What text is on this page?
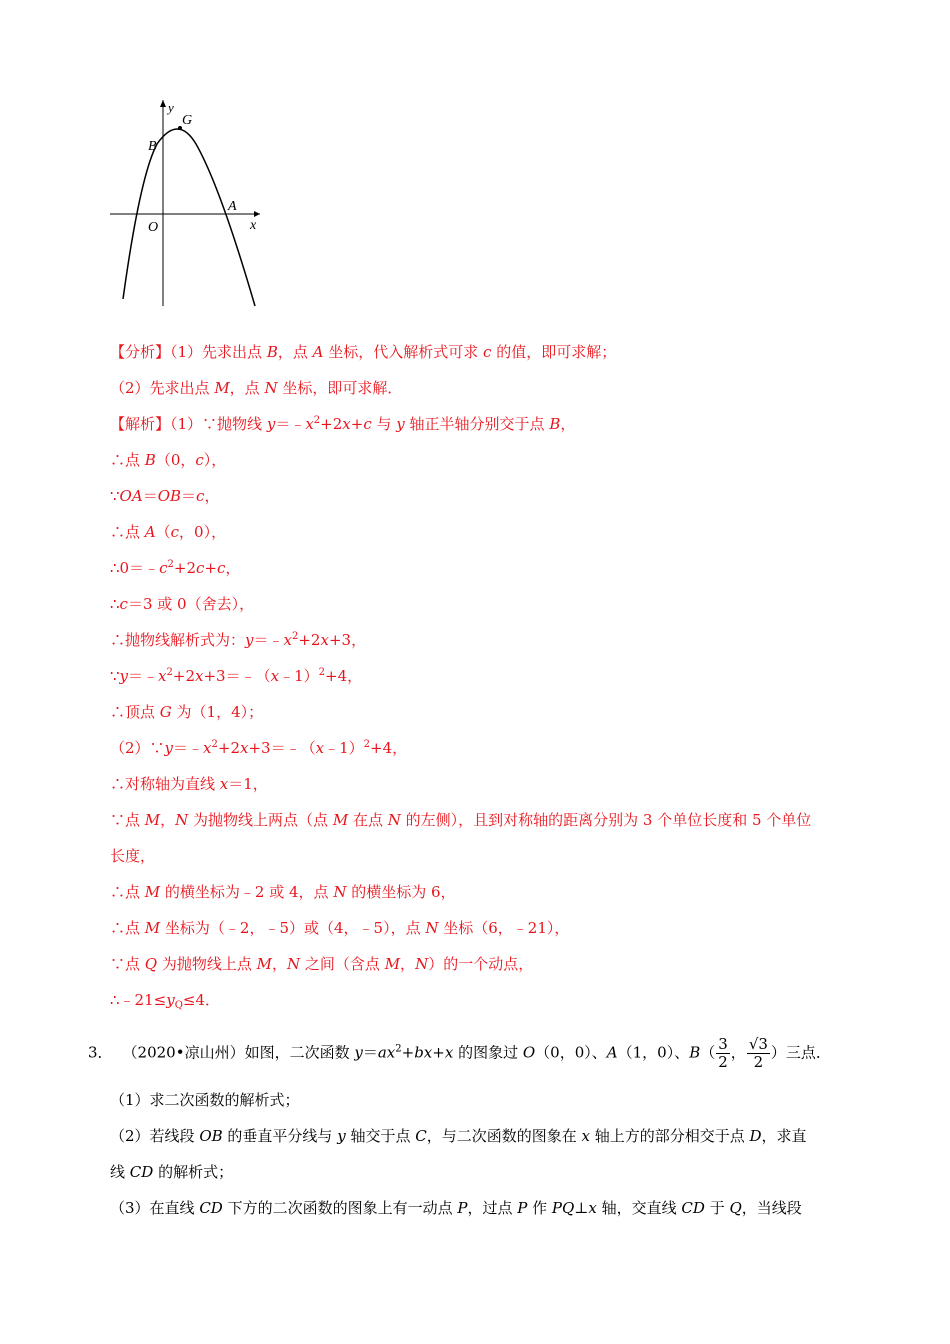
y
G
B
A
O	x
【分析】（1）先求出点 B，点 A 坐标，代入解析式可求 c 的值，即可求解；
（2）先求出点 M，点 N 坐标，即可求解．
【解析】（1）∵抛物线 $y=﹣x^2+2x+c$ 与 y 轴正半轴分别交于点 B，
∴点 B（0，c），
∵OA＝OB＝c，
∴点 A（c，0），
$\therefore 0=﹣c^2+2c+c$，
∴c＝3 或 0（舍去），
∴抛物线解析式为：$y=﹣x^2+2x+3$，
$\because y=﹣x^2+2x+3=﹣(x﹣1)^2+4$，
∴顶点 G 为（1，4）；
$(2)\because y=﹣x^2+2x+3=﹣(x﹣1)^2+4$，
∴对称轴为直线 x＝1，
∵点 M，N 为抛物线上两点（点 M 在点 N 的左侧），且到对称轴的距离分别为 3 个单位长度和 5 个单位
长度，
∴点 M 的横坐标为﹣2 或 4，点 N 的横坐标为 6，
∴点 M 坐标为（﹣2，﹣5）或（4，﹣5），点 N 坐标（6，﹣21），
∵点 Q 为抛物线上点 M，N 之间（含点 M，N）的一个动点，
$\therefore﹣21\le y_Q\le 4$．
3． （2020•凉山州）如图，二次函数 $y=ax^2+bx+x$ 的图象过 O（0，0）、A（1，0）、$B( \frac{3}{2}$ ， $\frac{√3}{2}$ ）三点．
（1）求二次函数的解析式；
（2）若线段 OB 的垂直平分线与 y 轴交于点 C，与二次函数的图象在 x 轴上方的部分相交于点 D，求直
线 CD 的解析式；
（3）在直线 CD 下方的二次函数的图象上有一动点 P，过点 P 作 PQ⊥x 轴，交直线 CD 于 Q，当线段
